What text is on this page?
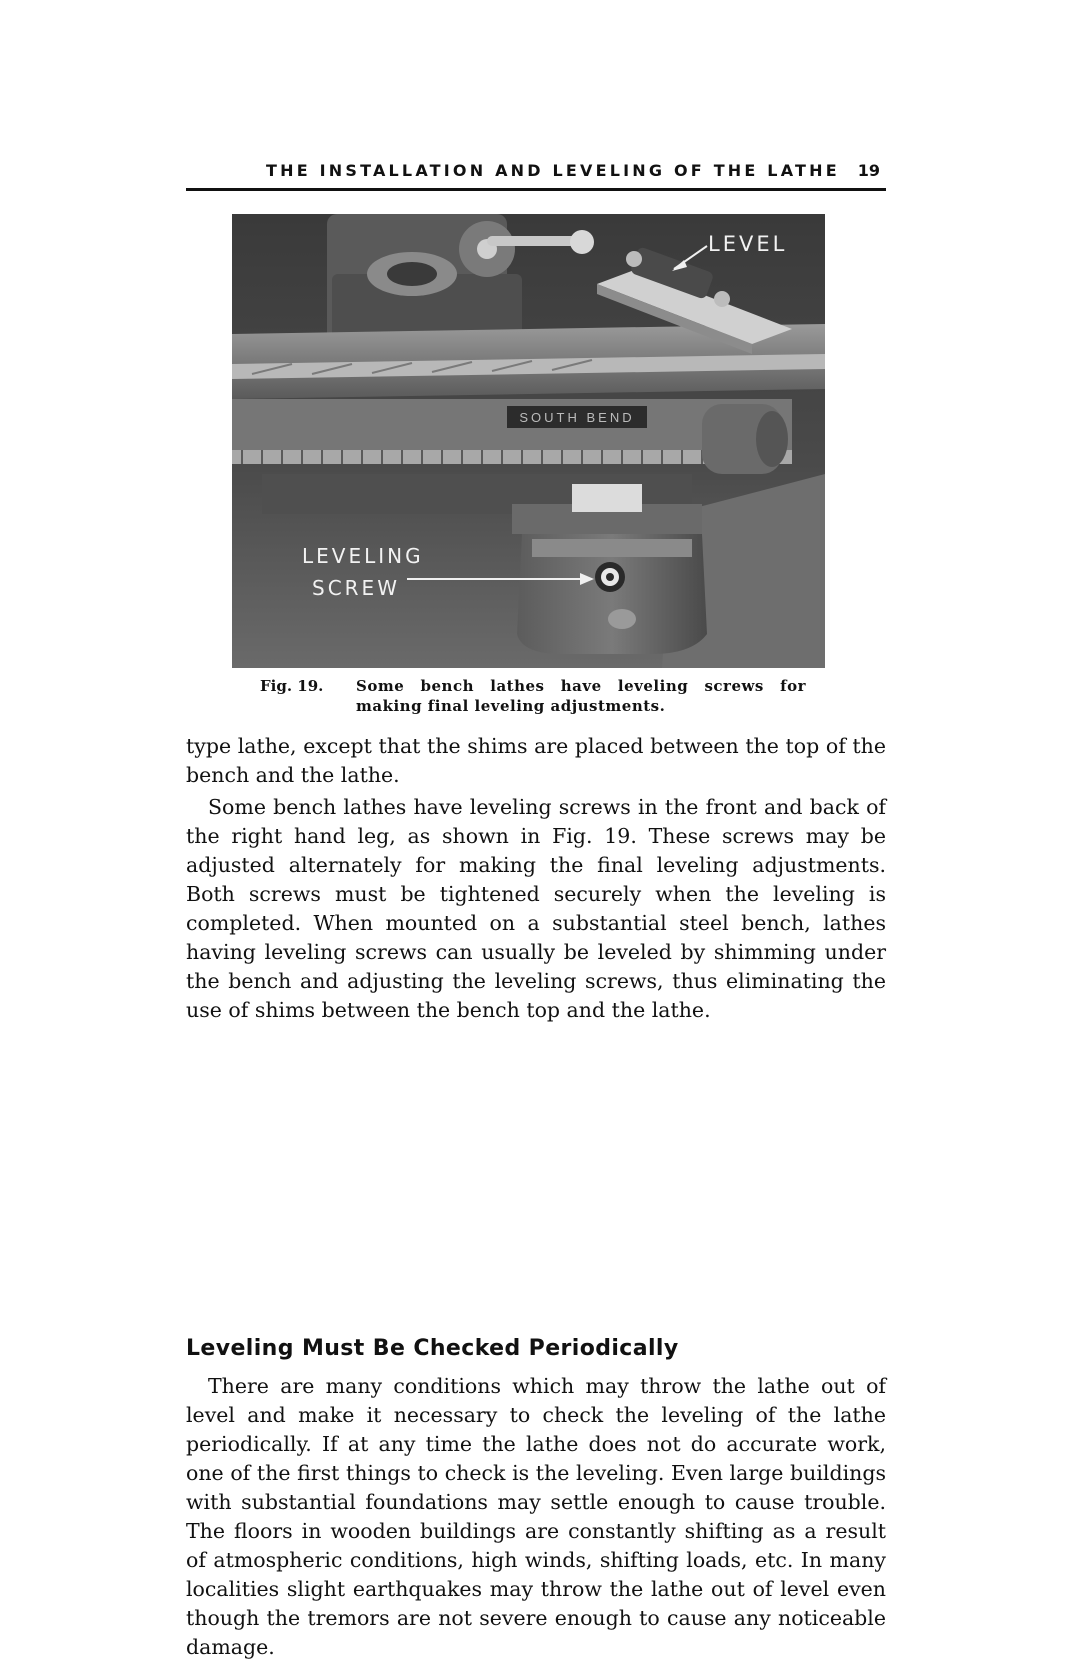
THE INSTALLATION AND LEVELING OF THE LATHE 19
SOUTH BEND
LEVEL
LEVELING
SCREW
Fig. 19. Some bench lathes have leveling screws for making final leveling adjustments.

type lathe, except that the shims are placed between the top of the bench and the lathe.

Some bench lathes have leveling screws in the front and back of the right hand leg, as shown in Fig. 19. These screws may be adjusted alternately for making the final leveling adjustments. Both screws must be tightened securely when the leveling is completed. When mounted on a substantial steel bench, lathes having leveling screws can usually be leveled by shimming under the bench and adjusting the leveling screws, thus eliminating the use of shims between the bench top and the lathe.

Leveling Must Be Checked Periodically

There are many conditions which may throw the lathe out of level and make it necessary to check the leveling of the lathe periodically. If at any time the lathe does not do accurate work, one of the first things to check is the leveling. Even large buildings with substantial foundations may settle enough to cause trouble. The floors in wooden buildings are constantly shifting as a result of atmospheric conditions, high winds, shifting loads, etc. In many localities slight earthquakes may throw the lathe out of level even though the tremors are not severe enough to cause any noticeable damage.
